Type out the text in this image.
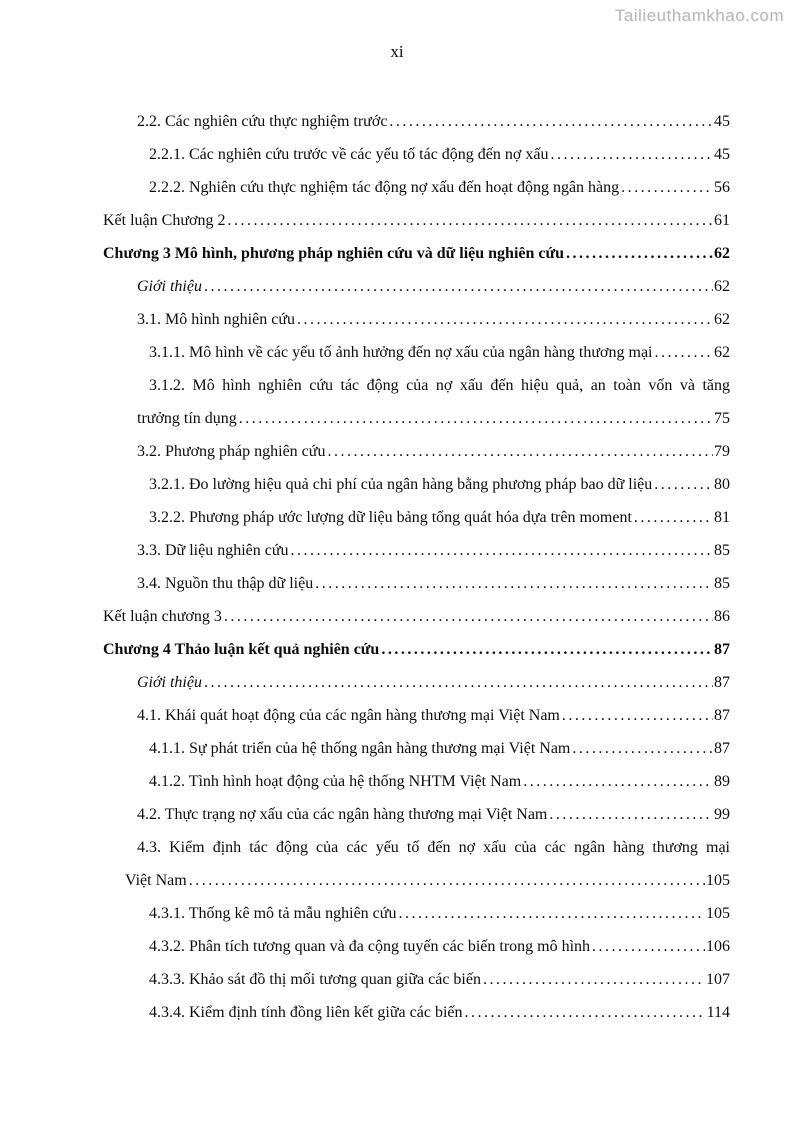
Tailieuthamkhao.com
xi
2.2. Các nghiên cứu thực nghiệm trước .....	45
2.2.1. Các nghiên cứu trước về các yếu tố tác động đến nợ xấu .....	45
2.2.2. Nghiên cứu thực nghiệm tác động nợ xấu đến hoạt động ngân hàng .....	56
Kết luận Chương 2 .....	61
Chương 3 Mô hình, phương pháp nghiên cứu và dữ liệu nghiên cứu .....	62
Giới thiệu .....	62
3.1. Mô hình nghiên cứu .....	62
3.1.1. Mô hình về các yếu tố ảnh hưởng đến nợ xấu của ngân hàng thương mại .....	62
3.1.2. Mô hình nghiên cứu tác động của nợ xấu đến hiệu quả, an toàn vốn và tăng
trưởng tín dụng .....	75
3.2. Phương pháp nghiên cứu .....	79
3.2.1. Đo lường hiệu quả chi phí của ngân hàng bằng phương pháp bao dữ liệu .....	80
3.2.2. Phương pháp ước lượng dữ liệu bảng tổng quát hóa dựa trên moment .....	81
3.3. Dữ liệu nghiên cứu .....	85
3.4. Nguồn thu thập dữ liệu .....	85
Kết luận chương 3 .....	86
Chương 4 Thảo luận kết quả nghiên cứu .....	87
Giới thiệu .....	87
4.1. Khái quát hoạt động của các ngân hàng thương mại Việt Nam .....	87
4.1.1. Sự phát triển của hệ thống ngân hàng thương mại Việt Nam .....	87
4.1.2. Tình hình hoạt động của hệ thống NHTM Việt Nam .....	89
4.2. Thực trạng nợ xấu của các ngân hàng thương mại Việt Nam .....	99
4.3. Kiểm định tác động của các yếu tố đến nợ xấu của các ngân hàng thương mại
Việt Nam .....	105
4.3.1. Thống kê mô tả mẫu nghiên cứu .....	105
4.3.2. Phân tích tương quan và đa cộng tuyến các biến trong mô hình .....	106
4.3.3. Khảo sát đồ thị mối tương quan giữa các biến .....	107
4.3.4. Kiểm định tính đồng liên kết giữa các biến .....	114
